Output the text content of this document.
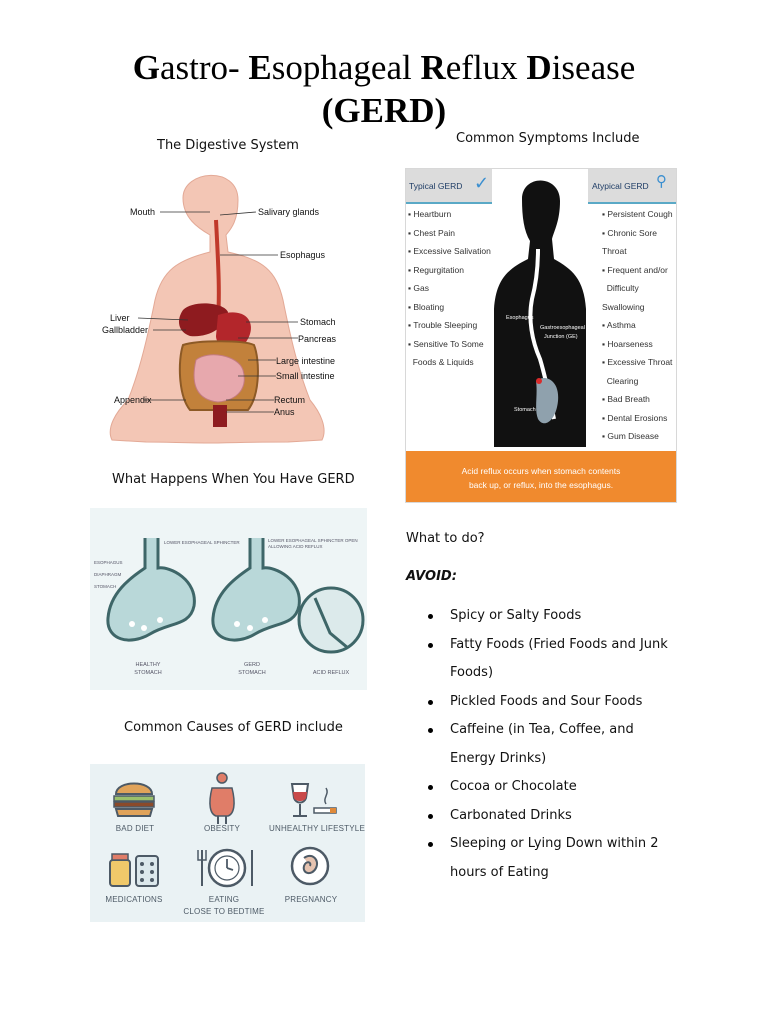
Gastro- Esophageal Reflux Disease
(GERD)
The Digestive System
Mouth	Salivary glands
Esophagus
Liver
Gallbladder
Stomach
Pancreas
Large intestine
Small intestine
Appendix	Rectum
Anus
Common Symptoms Include
Typical GERD ✓
▪ Heartburn
▪ Chest Pain
▪ Excessive Salivation
▪ Regurgitation
▪ Gas
▪ Bloating
▪ Trouble Sleeping
▪ Sensitive To Some
Foods & Liquids
Esophagus
Gastroesophageal
Junction (GE)
Stomach
Atypical GERD ⚲
▪ Persistent Cough
▪ Chronic Sore Throat
▪ Frequent and/or
Difficulty Swallowing
▪ Asthma
▪ Hoarseness
▪ Excessive Throat
Clearing
▪ Bad Breath
▪ Dental Erosions
▪ Gum Disease

Acid reflux occurs when stomach contents
back up, or reflux, into the esophagus.
What Happens When You Have GERD
ESOPHAGUS
DIAPHRAGM
STOMACH
LOWER ESOPHAGEAL SPHINCTER	LOWER ESOPHAGEAL SPHINCTER OPEN
ALLOWING ACID REFLUX
HEALTHY
STOMACH
GERD
STOMACH	ACID REFLUX
Common Causes of GERD include
BAD DIET	OBESITY	UNHEALTHY LIFESTYLE
MEDICATIONS	EATING
CLOSE TO BEDTIME
PREGNANCY
What to do?
AVOID:
Spicy or Salty Foods
Fatty Foods (Fried Foods and Junk Foods)
Pickled Foods and Sour Foods
Caffeine (in Tea, Coffee, and Energy Drinks)
Cocoa or Chocolate
Carbonated Drinks
Sleeping or Lying Down within 2 hours of Eating
